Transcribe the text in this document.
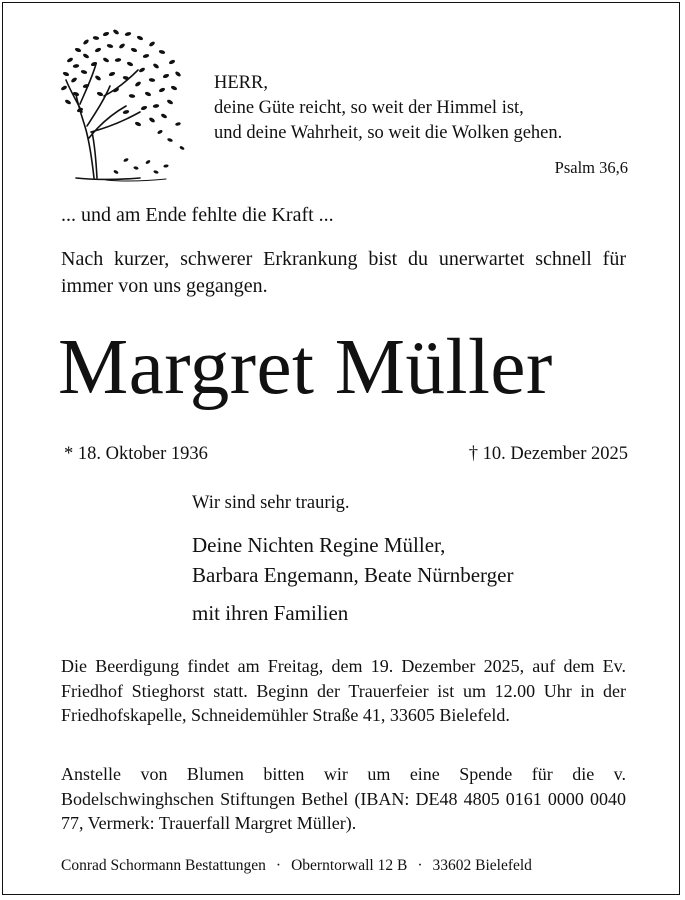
HERR,
deine Güte reicht, so weit der Himmel ist,
und deine Wahrheit, so weit die Wolken gehen.
Psalm 36,6
... und am Ende fehlte die Kraft ...
Nach kurzer, schwerer Erkrankung bist du unerwartet schnell für immer von uns gegangen.
Margret Müller
* 18. Oktober 1936	† 10. Dezember 2025
Wir sind sehr traurig.
Deine Nichten Regine Müller,
Barbara Engemann, Beate Nürnberger
mit ihren Familien
Die Beerdigung findet am Freitag, dem 19. Dezember 2025, auf dem Ev. Friedhof Stieghorst statt. Beginn der Trauerfeier ist um 12.00 Uhr in der Friedhofskapelle, Schneidemühler Straße 41, 33605 Bielefeld.
Anstelle von Blumen bitten wir um eine Spende für die v. Bodelschwinghschen Stiftungen Bethel (IBAN: DE48 4805 0161 0000 0040 77, Vermerk: Trauerfall Margret Müller).
Conrad Schormann Bestattungen · Oberntorwall 12 B · 33602 Bielefeld
